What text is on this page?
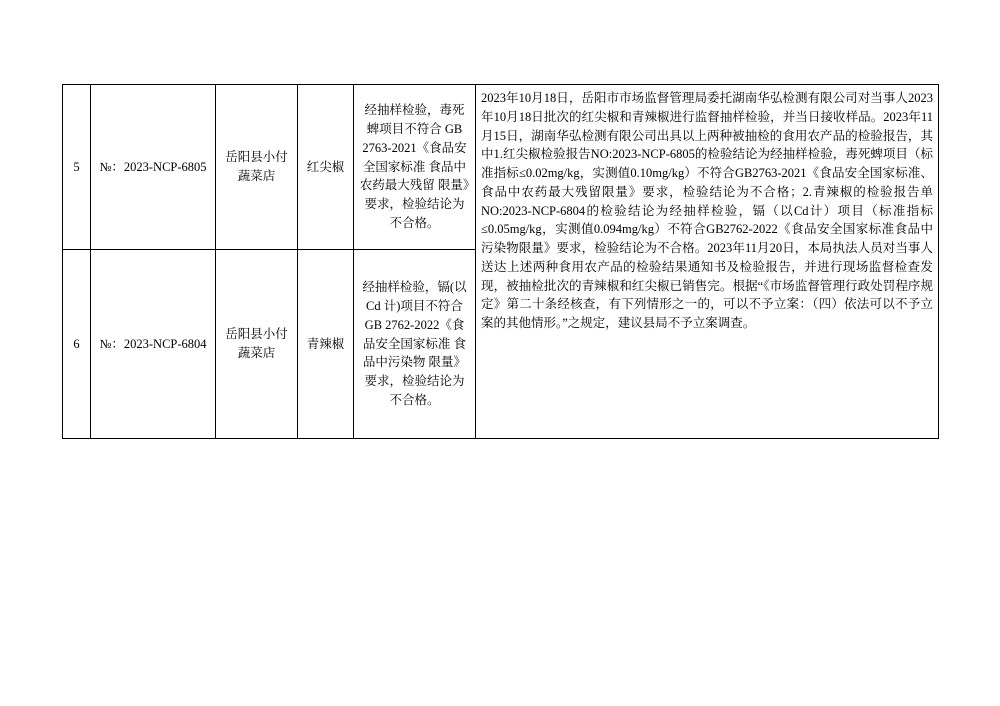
5	№：2023-NCP-6805	岳阳县小付蔬菜店	红尖椒	经抽样检验，毒死蜱项目不符合 GB 2763-2021《食品安全国家标准 食品中农药最大残留 限量》要求，检验结论为不合格。	2023年10月18日，岳阳市市场监督管理局委托湖南华弘检测有限公司对当事人2023年10月18日批次的红尖椒和青辣椒进行监督抽样检验，并当日接收样品。2023年11月15日，湖南华弘检测有限公司出具以上两种被抽检的食用农产品的检验报告，其中1.红尖椒检验报告NO:2023-NCP-6805的检验结论为经抽样检验，毒死蜱项目（标准指标≤0.02mg/kg，实测值0.10mg/kg）不符合GB2763-2021《食品安全国家标准、食品中农药最大残留限量》要求，检验结论为不合格；2.青辣椒的检验报告单NO:2023-NCP-6804的检验结论为经抽样检验，镉（以Cd计）项目（标准指标≤0.05mg/kg，实测值0.094mg/kg）不符合GB2762-2022《食品安全国家标准食品中污染物限量》要求，检验结论为不合格。2023年11月20日，本局执法人员对当事人送达上述两种食用农产品的检验结果通知书及检验报告，并进行现场监督检查发现，被抽检批次的青辣椒和红尖椒已销售完。根据“《市场监督管理行政处罚程序规定》第二十条经核查，有下列情形之一的，可以不予立案：（四）依法可以不予立案的其他情形。”之规定，建议县局不予立案调查。
6	№：2023-NCP-6804	岳阳县小付蔬菜店	青辣椒	经抽样检验，镉(以 Cd 计)项目不符合 GB 2762-2022《食品安全国家标准 食品中污染物 限量》要求，检验结论为不合格。	
